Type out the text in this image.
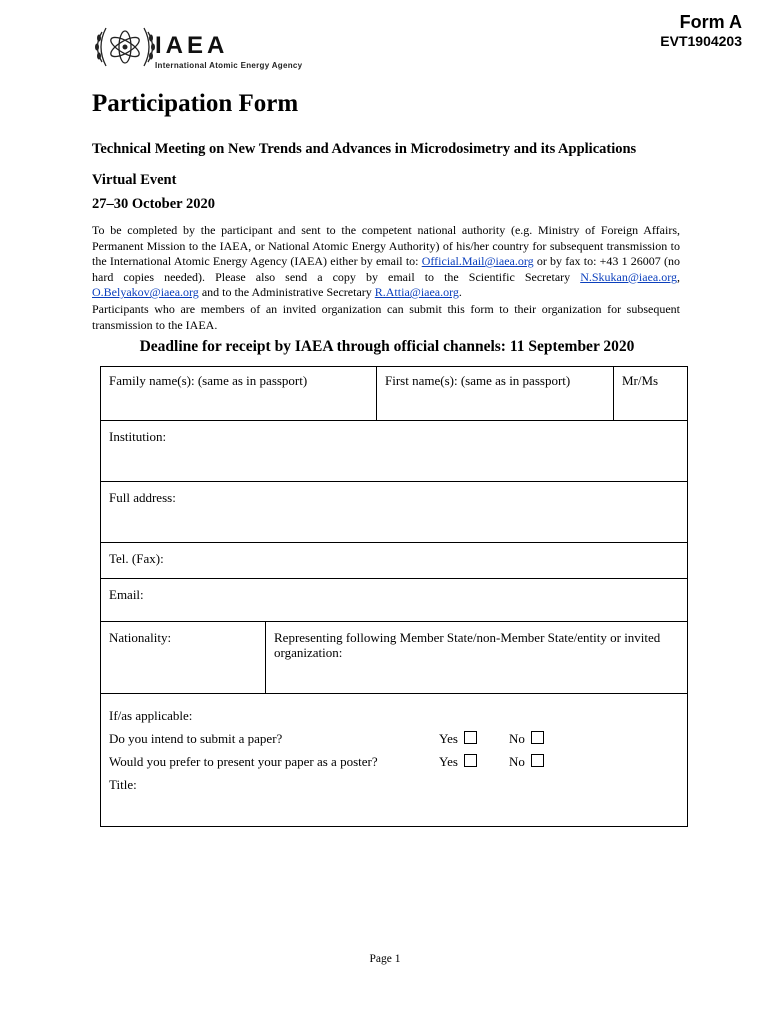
IAEA
International Atomic Energy Agency
Form A
EVT1904203
Participation Form
Technical Meeting on New Trends and Advances in Microdosimetry and its Applications
Virtual Event
27–30 October 2020
To be completed by the participant and sent to the competent national authority (e.g. Ministry of Foreign Affairs, Permanent Mission to the IAEA, or National Atomic Energy Authority) of his/her country for subsequent transmission to the International Atomic Energy Agency (IAEA) either by email to: Official.Mail@iaea.org or by fax to: +43 1 26007 (no hard copies needed). Please also send a copy by email to the Scientific Secretary N.Skukan@iaea.org, O.Belyakov@iaea.org and to the Administrative Secretary R.Attia@iaea.org.
Participants who are members of an invited organization can submit this form to their organization for subsequent transmission to the IAEA.
Deadline for receipt by IAEA through official channels: 11 September 2020
Family name(s): (same as in passport)	First name(s): (same as in passport)	Mr/Ms
Institution:
Full address:
Tel. (Fax):
Email:
Nationality:	Representing following Member State/non-Member State/entity or invited organization:
If/as applicable:
Do you intend to submit a paper?	Yes	No
Would you prefer to present your paper as a poster?	Yes	No
Title:
Page 1
